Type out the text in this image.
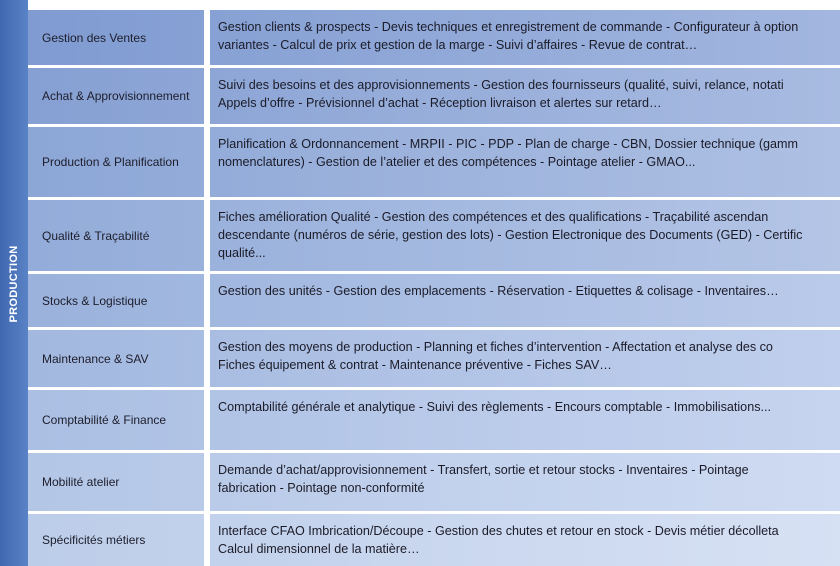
PRODUCTION
Gestion des Ventes
Gestion clients & prospects - Devis techniques et enregistrement de commande - Configurateur à option
variantes - Calcul de prix et gestion de la marge - Suivi d’affaires - Revue de contrat…
Achat & Approvisionnement
Suivi des besoins et des approvisionnements - Gestion des fournisseurs (qualité, suivi, relance, notati
Appels d’offre - Prévisionnel d’achat - Réception livraison et alertes sur retard…
Production & Planification
Planification & Ordonnancement - MRPII - PIC - PDP - Plan de charge - CBN, Dossier technique (gamm
nomenclatures) - Gestion de l’atelier et des compétences - Pointage atelier - GMAO...
Qualité & Traçabilité
Fiches amélioration Qualité - Gestion des compétences et des qualifications - Traçabilité ascendan
descendante (numéros de série, gestion des lots) - Gestion Electronique des Documents (GED) - Certific
qualité...
Stocks & Logistique
Gestion des unités - Gestion des emplacements - Réservation - Etiquettes & colisage - Inventaires…
Maintenance & SAV
Gestion des moyens de production - Planning et fiches d’intervention - Affectation et analyse des co
Fiches équipement & contrat - Maintenance préventive - Fiches SAV…
Comptabilité & Finance
Comptabilité générale et analytique - Suivi des règlements - Encours comptable - Immobilisations...
Mobilité atelier
Demande d’achat/approvisionnement - Transfert, sortie et retour stocks - Inventaires - Pointage
fabrication - Pointage non-conformité
Spécificités métiers
Interface CFAO Imbrication/Découpe - Gestion des chutes et retour en stock - Devis métier décolleta
Calcul dimensionnel de la matière…
